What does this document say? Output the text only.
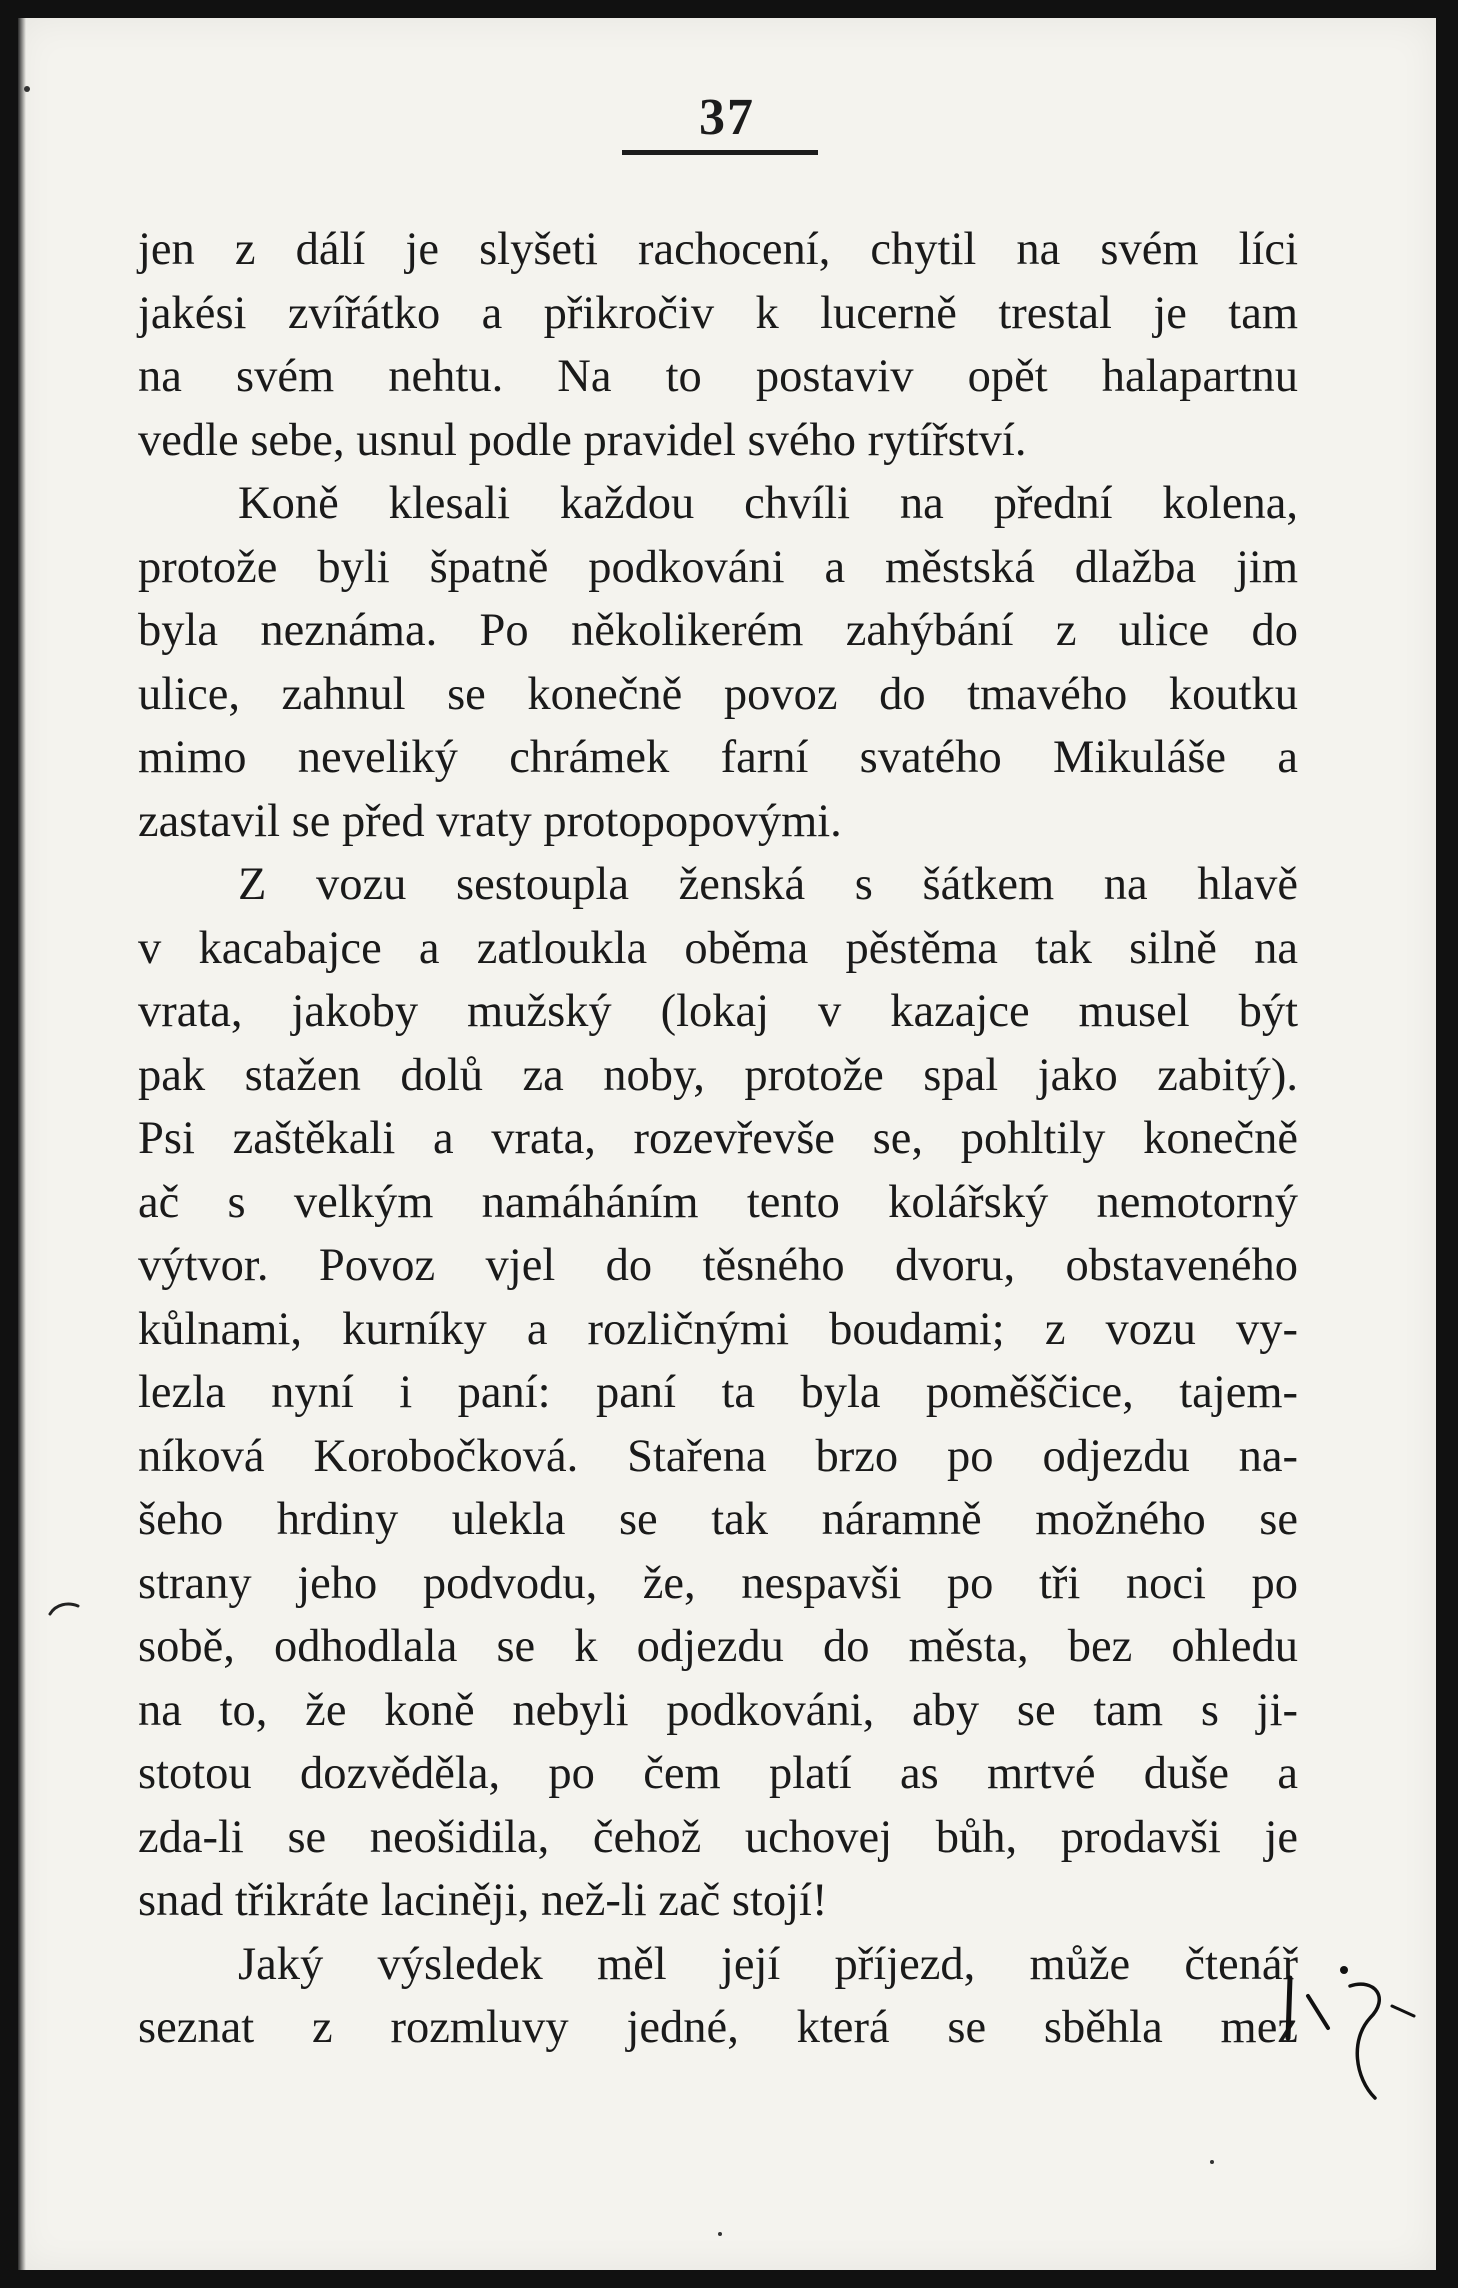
37
jen z dálí je slyšeti rachocení, chytil na svém líci
jakési zvířátko a přikročiv k lucerně trestal je tam
na svém nehtu. Na to postaviv opět halapartnu
vedle sebe, usnul podle pravidel svého rytířství.
Koně klesali každou chvíli na přední kolena,
protože byli špatně podkováni a městská dlažba jim
byla neznáma. Po několikerém zahýbání z ulice do
ulice, zahnul se konečně povoz do tmavého koutku
mimo neveliký chrámek farní svatého Mikuláše a
zastavil se před vraty protopopovými.
Z vozu sestoupla ženská s šátkem na hlavě
v kacabajce a zatloukla oběma pěstěma tak silně na
vrata, jakoby mužský (lokaj v kazajce musel být
pak stažen dolů za noby, protože spal jako zabitý).
Psi zaštěkali a vrata, rozevřevše se, pohltily konečně
ač s velkým namáháním tento kolářský nemotorný
výtvor. Povoz vjel do těsného dvoru, obstaveného
kůlnami, kurníky a rozličnými boudami; z vozu vy-
lezla nyní i paní: paní ta byla poměščice, tajem-
níková Korobočková. Stařena brzo po odjezdu na-
šeho hrdiny ulekla se tak náramně možného se
strany jeho podvodu, že, nespavši po tři noci po
sobě, odhodlala se k odjezdu do města, bez ohledu
na to, že koně nebyli podkováni, aby se tam s ji-
stotou dozvěděla, po čem platí as mrtvé duše a
zda-li se neošidila, čehož uchovej bůh, prodavši je
snad třikráte laciněji, než-li zač stojí!
Jaký výsledek měl její příjezd, může čtenář
seznat z rozmluvy jedné, která se sběhla mez
